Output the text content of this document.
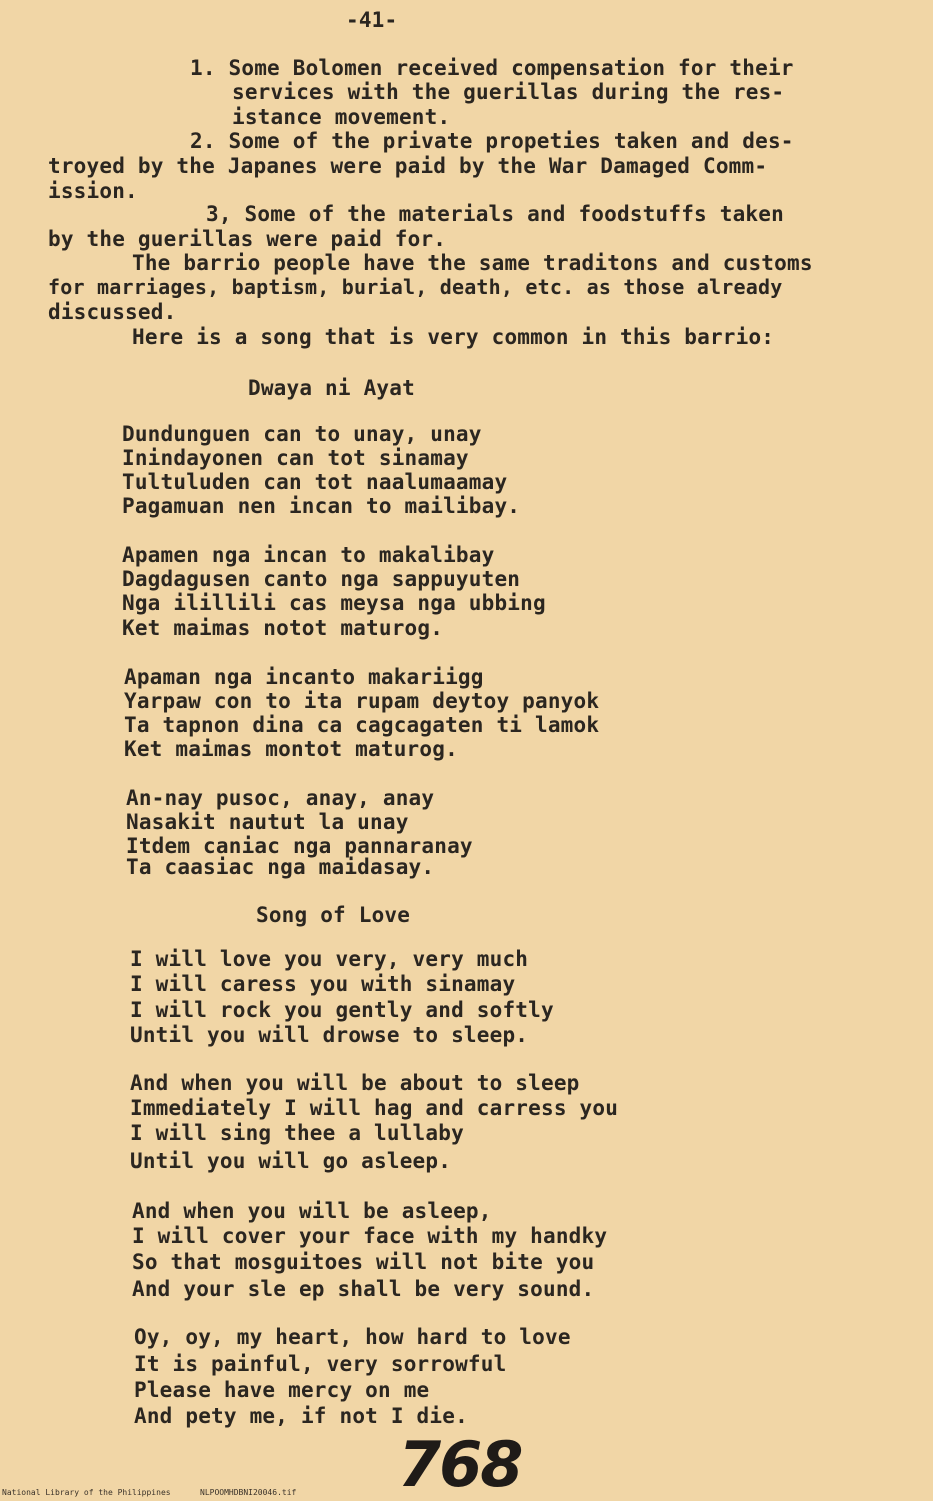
-41-
1. Some Bolomen received compensation for their
services with the guerillas during the res-
istance movement.
2. Some of the private propeties taken and des-
troyed by the Japanes were paid by the War Damaged Comm-
ission.
3, Some of the materials and foodstuffs taken
by the guerillas were paid for.
The barrio people have the same traditons and customs
for marriages, baptism, burial, death, etc. as those already
discussed.
Here is a song that is very common in this barrio:
Dwaya ni Ayat
Dundunguen can to unay, unay
Inindayonen can tot sinamay
Tultuluden can tot naalumaamay
Pagamuan nen incan to mailibay.
Apamen nga incan to makalibay
Dagdagusen canto nga sappuyuten
Nga ilillili cas meysa nga ubbing
Ket maimas notot maturog.
Apaman nga incanto makariigg
Yarpaw con to ita rupam deytoy panyok
Ta tapnon dina ca cagcagaten ti lamok
Ket maimas montot maturog.
An-nay pusoc, anay, anay
Nasakit nautut la unay
Itdem caniac nga pannaranay
Ta caasiac nga maidasay.
Song of Love
I will love you very, very much
I will caress you with sinamay
I will rock you gently and softly
Until you will drowse to sleep.
And when you will be about to sleep
Immediately I will hag and carress you
I will sing thee a lullaby
Until you will go asleep.
And when you will be asleep,
I will cover your face with my handky
So that mosguitoes will not bite you
And your sle ep shall be very sound.
Oy, oy, my heart, how hard to love
It is painful, very sorrowful
Please have mercy on me
And pety me, if not I die.
768
National Library of the Philippines	NLPOOMHDBNI20046.tif
